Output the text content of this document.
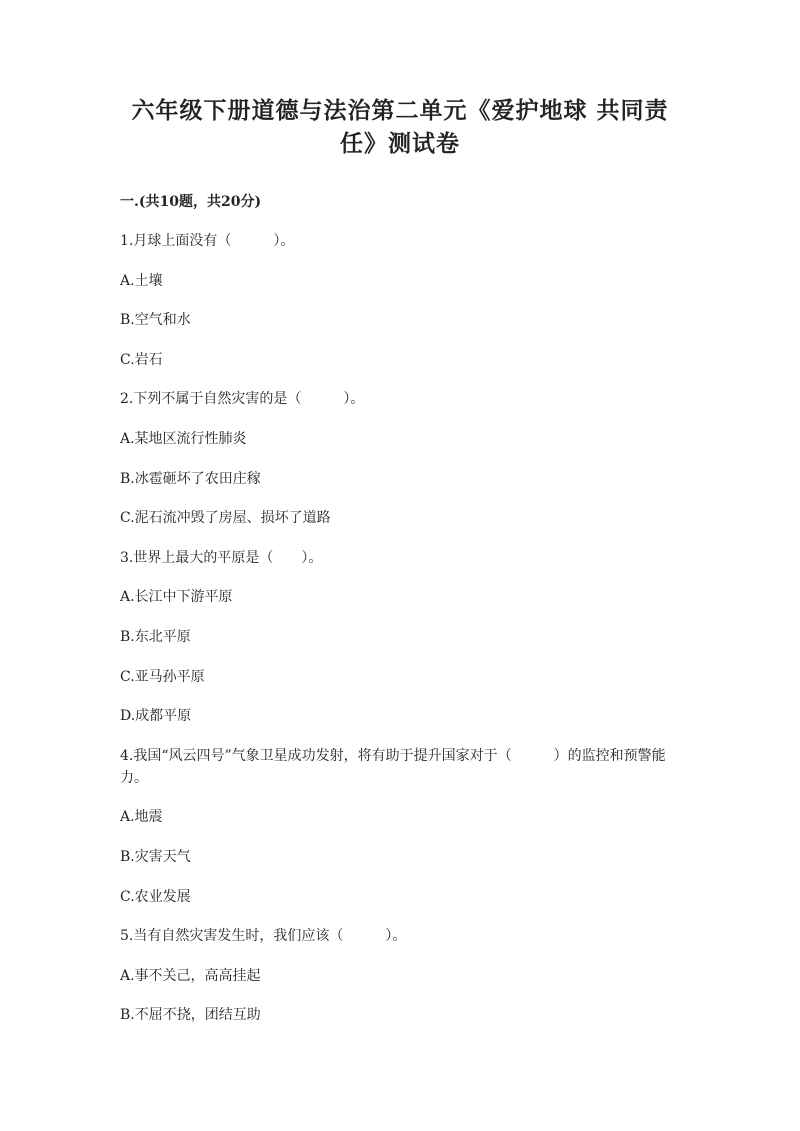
六年级下册道德与法治第二单元《爱护地球 共同责
任》测试卷
一.(共10题，共20分)
1.月球上面没有（　　　）。
A.土壤
B.空气和水
C.岩石
2.下列不属于自然灾害的是（　　　）。
A.某地区流行性肺炎
B.冰雹砸坏了农田庄稼
C.泥石流冲毁了房屋、损坏了道路
3.世界上最大的平原是（　　）。
A.长江中下游平原
B.东北平原
C.亚马孙平原
D.成都平原
4.我国“风云四号”气象卫星成功发射，将有助于提升国家对于（　　　）的监控和预警能力。
A.地震
B.灾害天气
C.农业发展
5.当有自然灾害发生时，我们应该（　　　）。
A.事不关己，高高挂起
B.不屈不挠，团结互助
